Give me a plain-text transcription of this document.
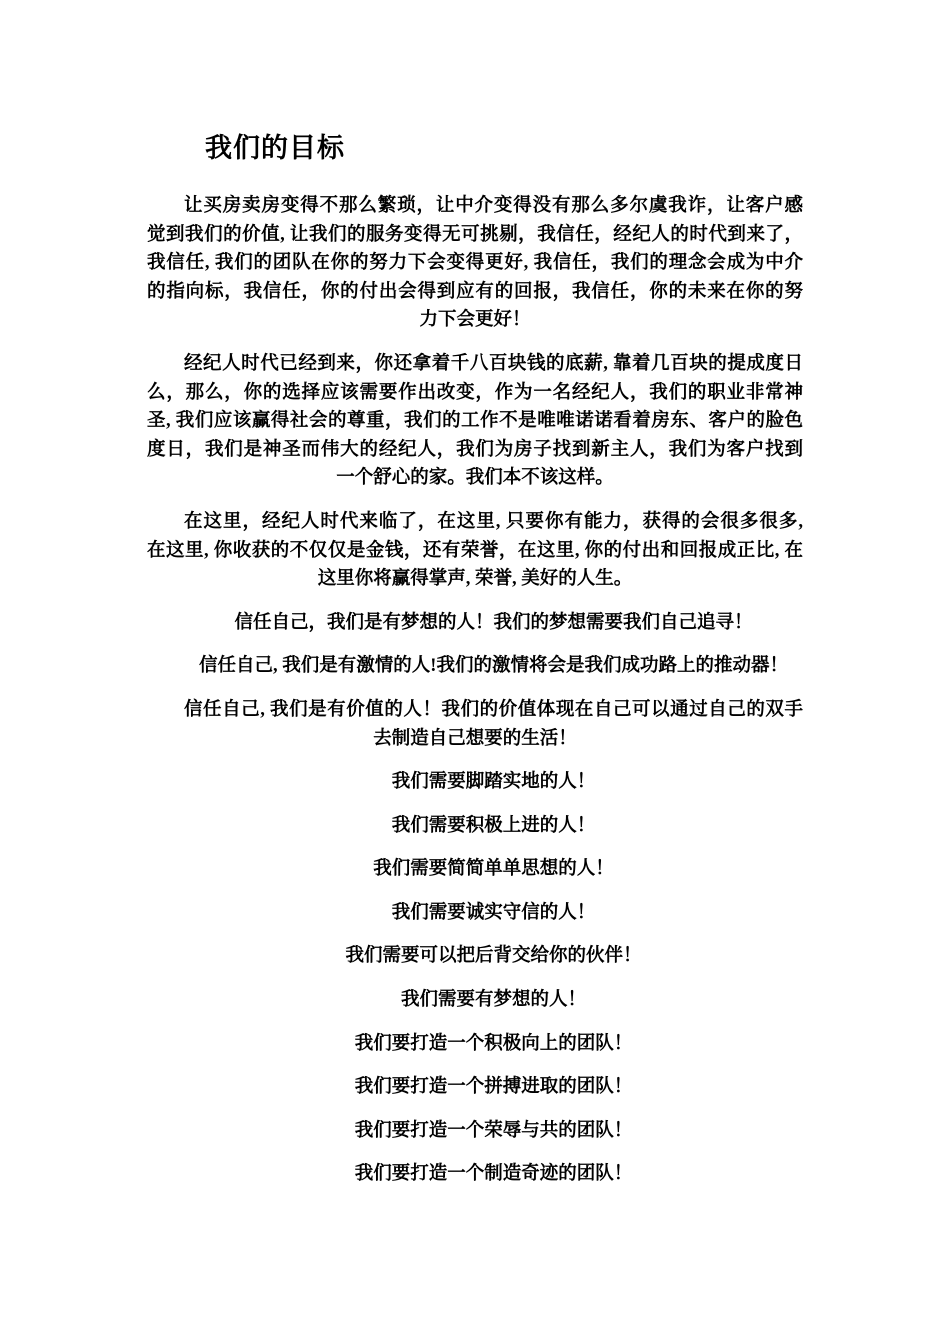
我们的目标
让买房卖房变得不那么繁琐，让中介变得没有那么多尔虞我诈，让客户感
觉到我们的价值, 让我们的服务变得无可挑剔，我信任，经纪人的时代到来了，
我信任, 我们的团队在你的努力下会变得更好, 我信任，我们的理念会成为中介
的指向标，我信任，你的付出会得到应有的回报，我信任，你的未来在你的努
力下会更好！
经纪人时代已经到来，你还拿着千八百块钱的底薪, 靠着几百块的提成度日
么，那么，你的选择应该需要作出改变，作为一名经纪人，我们的职业非常神
圣, 我们应该赢得社会的尊重，我们的工作不是唯唯诺诺看着房东、客户的脸色
度日，我们是神圣而伟大的经纪人，我们为房子找到新主人，我们为客户找到
一个舒心的家。我们本不该这样。
在这里，经纪人时代来临了，在这里, 只要你有能力，获得的会很多很多,
在这里, 你收获的不仅仅是金钱，还有荣誉，在这里, 你的付出和回报成正比, 在
这里你将赢得掌声, 荣誉, 美好的人生。
信任自己，我们是有梦想的人！我们的梦想需要我们自己追寻！
信任自己, 我们是有激情的人!我们的激情将会是我们成功路上的推动器！
信任自己, 我们是有价值的人！我们的价值体现在自己可以通过自己的双手
去制造自己想要的生活！
我们需要脚踏实地的人！
我们需要积极上进的人！
我们需要简简单单思想的人！
我们需要诚实守信的人！
我们需要可以把后背交给你的伙伴！
我们需要有梦想的人！
我们要打造一个积极向上的团队！
我们要打造一个拼搏进取的团队！
我们要打造一个荣辱与共的团队！
我们要打造一个制造奇迹的团队！
